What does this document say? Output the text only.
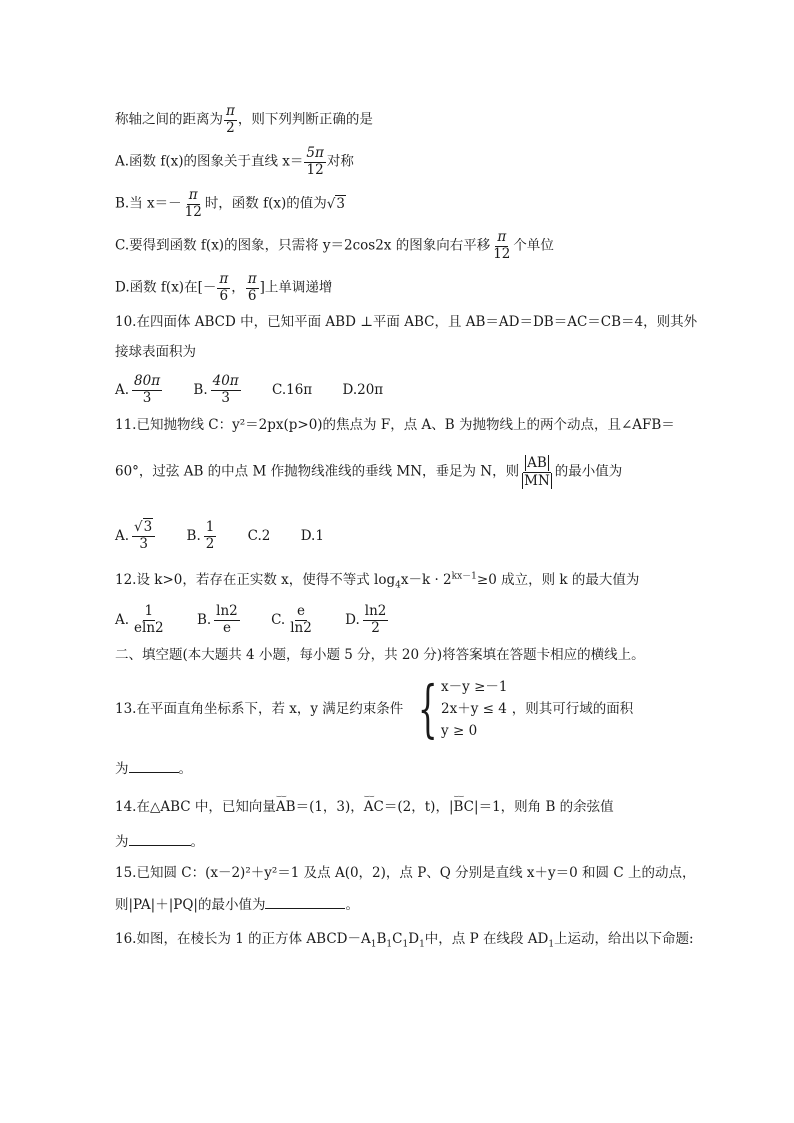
称轴之间的距离为 $\frac{\pi}{2}$ ，则下列判断正确的是
A.函数 f(x)的图象关于直线 $x= \frac{5\pi}{12}$ 对称
B.当 $x=- \frac{\pi}{12}$ 时，函数 f(x)的值为√3
C.要得到函数 f(x)的图象，只需将 y＝2cos2x 的图象向右平移 $\frac{\pi}{12}$ 个单位
D.函数 f(x)在[－ $\frac{\pi}{6}$ ， $\frac{\pi}{6}$ ]上单调递增
10.在四面体 ABCD 中，已知平面 ABD ⊥平面 ABC，且 AB＝AD＝DB＝AC＝CB＝4，则其外
接球表面积为
A. $\frac{80\pi}{3} B$. $\frac{40\pi}{3} C.16\pi$ D.20π
11.已知抛物线 C：y²＝2px(p>0)的焦点为 F，点 A、B 为抛物线上的两个动点，且∠AFB＝
60°，过弦 AB 的中点 M 作抛物线准线的垂线 MN，垂足为 N，则 $\frac{AB}{MN}$ 的最小值为
A. $\frac{√3}{3} B$. $\frac{1}{2} C.2$ D.1
12.设 k>0，若存在正实数 x，使得不等式 $\log_4x-k \cdot 2^{kx-1}\ge 0$ 成立，则 k 的最大值为
A. $\frac{1}{eln2} B$. $\frac{\ln 2}{e} C$. $\frac{e}{\ln 2} D$. $\frac{\ln 2}{2}$
二、填空题(本大题共 4 小题，每小题 5 分，共 20 分)将答案填在答题卡相应的横线上。
13.在平面直角坐标系下，若 x，y 满足约束条件 { x－y ≥－1
2x＋y ≤ 4
y ≥ 0
，则其可行域的面积
为	。
14.在△ABC 中，已知向量⌣⌣ AB＝(1，3)，⌣⌣ AC＝(2，t)，|⌣⌣ BC|＝1，则角 B 的余弦值
为	。
15.已知圆 C：(x－2)²＋y²＝1 及点 A(0，2)，点 P、Q 分别是直线 x＋y＝0 和圆 C 上的动点，
则|PA|＋|PQ|的最小值为	。
16.如图，在棱长为 1 的正方体 $ABCD-A_1B_1C_1D_1$中，点 P 在线段 $AD_1$上运动，给出以下命题:
